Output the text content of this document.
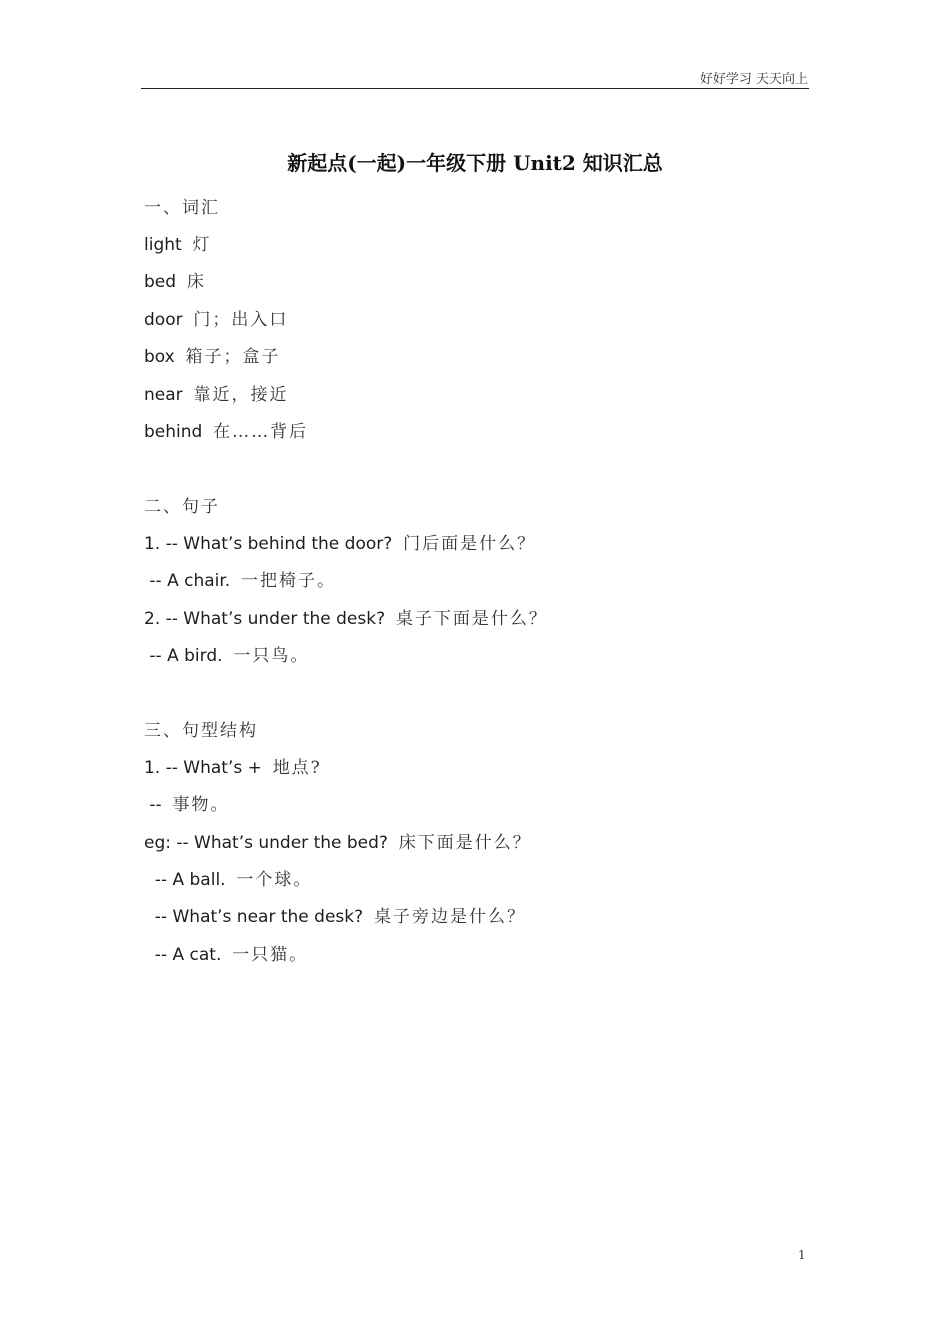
好好学习 天天向上
新起点(一起)一年级下册 Unit2 知识汇总
一、词汇
light 灯
bed 床
door 门；出入口
box 箱子；盒子
near 靠近，接近
behind 在……背后
二、句子
1. -- What’s behind the door? 门后面是什么？
-- A chair. 一把椅子。
2. -- What’s under the desk? 桌子下面是什么？
-- A bird. 一只鸟。
三、句型结构
1. -- What’s + 地点?
-- 事物。
eg: -- What’s under the bed? 床下面是什么？
-- A ball. 一个球。
-- What’s near the desk? 桌子旁边是什么？
-- A cat. 一只猫。
1
